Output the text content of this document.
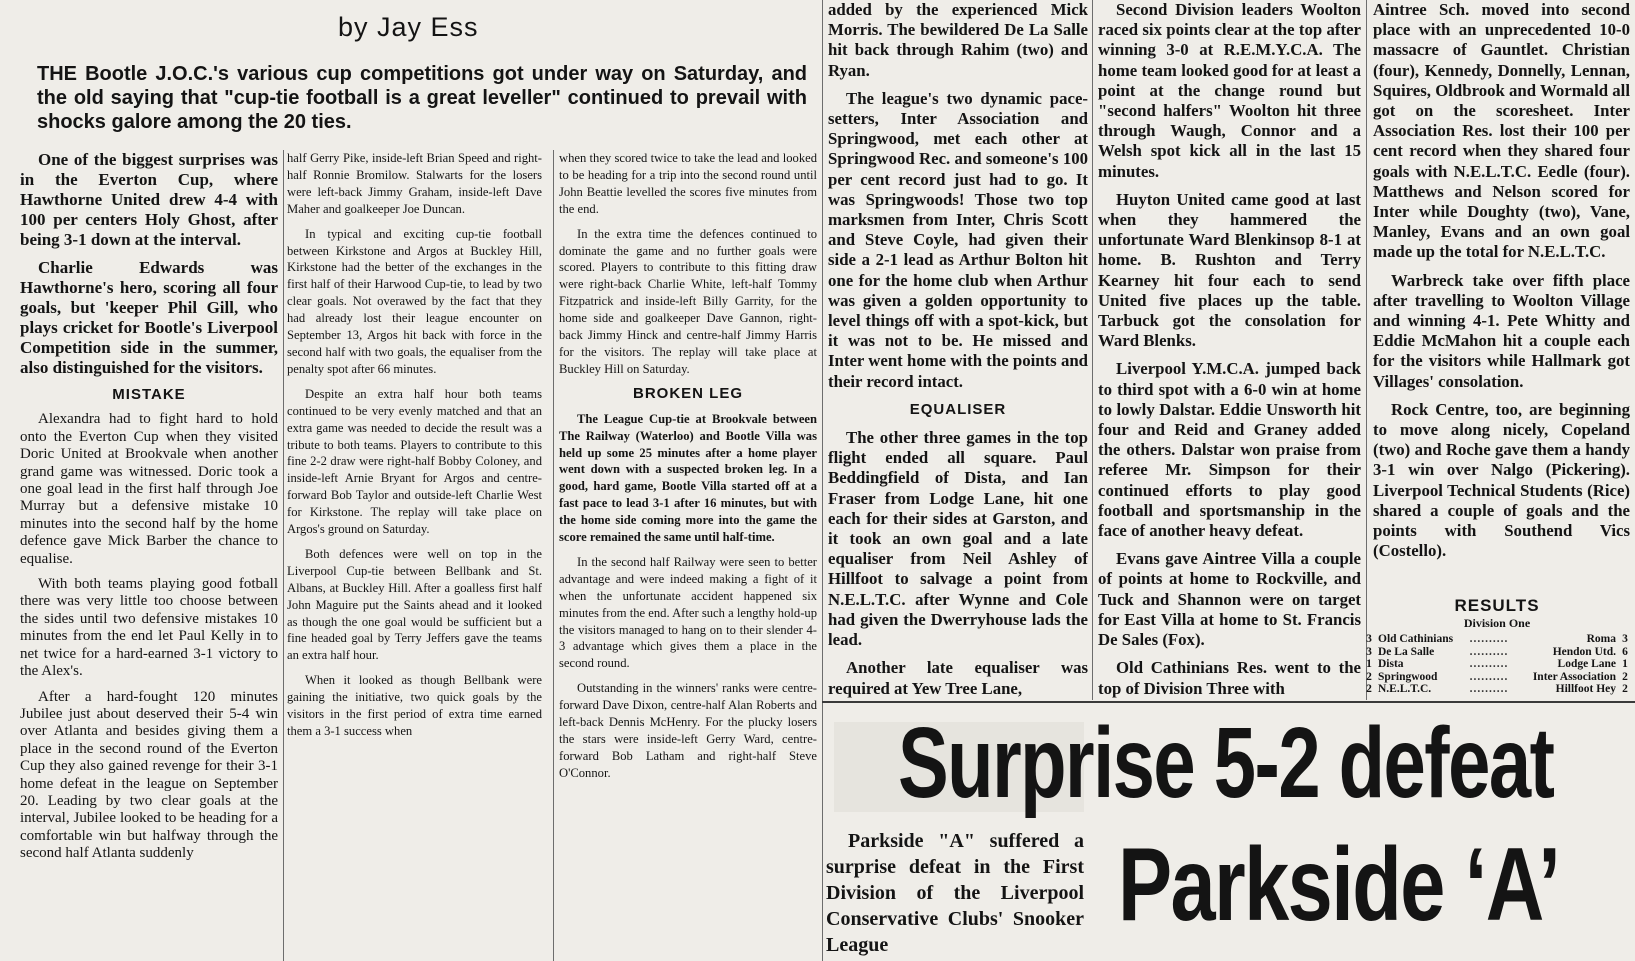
by Jay Ess

THE Bootle J.O.C.'s various cup competitions got under way on Saturday, and the old saying that "cup-tie football is a great leveller" continued to prevail with shocks galore among the 20 ties.

One of the biggest surprises was in the Everton Cup, where Hawthorne United drew 4-4 with 100 per centers Holy Ghost, after being 3-1 down at the interval.

Charlie Edwards was Hawthorne's hero, scoring all four goals, but 'keeper Phil Gill, who plays cricket for Bootle's Liverpool Competition side in the summer, also distinguished for the visitors.

MISTAKE

Alexandra had to fight hard to hold onto the Everton Cup when they visited Doric United at Brookvale when another grand game was witnessed. Doric took a one goal lead in the first half through Joe Murray but a defensive mistake 10 minutes into the second half by the home defence gave Mick Barber the chance to equalise.

With both teams playing good fotball there was very little too choose between the sides until two defensive mistakes 10 minutes from the end let Paul Kelly in to net twice for a hard-earned 3-1 victory to the Alex's.

After a hard-fought 120 minutes Jubilee just about deserved their 5-4 win over Atlanta and besides giving them a place in the second round of the Everton Cup they also gained revenge for their 3-1 home defeat in the league on September 20. Leading by two clear goals at the interval, Jubilee looked to be heading for a comfortable win but halfway through the second half Atlanta suddenly

half Gerry Pike, inside-left Brian Speed and right-half Ronnie Bromilow. Stalwarts for the losers were left-back Jimmy Graham, inside-left Dave Maher and goalkeeper Joe Duncan.

In typical and exciting cup-tie football between Kirkstone and Argos at Buckley Hill, Kirkstone had the better of the exchanges in the first half of their Harwood Cup-tie, to lead by two clear goals. Not overawed by the fact that they had already lost their league encounter on September 13, Argos hit back with force in the second half with two goals, the equaliser from the penalty spot after 66 minutes.

Despite an extra half hour both teams continued to be very evenly matched and that an extra game was needed to decide the result was a tribute to both teams. Players to contribute to this fine 2-2 draw were right-half Bobby Coloney, and inside-left Arnie Bryant for Argos and centre-forward Bob Taylor and outside-left Charlie West for Kirkstone. The replay will take place on Argos's ground on Saturday.

Both defences were well on top in the Liverpool Cup-tie between Bellbank and St. Albans, at Buckley Hill. After a goalless first half John Maguire put the Saints ahead and it looked as though the one goal would be sufficient but a fine headed goal by Terry Jeffers gave the teams an extra half hour.

When it looked as though Bellbank were gaining the initiative, two quick goals by the visitors in the first period of extra time earned them a 3-1 success when

when they scored twice to take the lead and looked to be heading for a trip into the second round until John Beattie levelled the scores five minutes from the end.

In the extra time the defences continued to dominate the game and no further goals were scored. Players to contribute to this fitting draw were right-back Charlie White, left-half Tommy Fitzpatrick and inside-left Billy Garrity, for the home side and goalkeeper Dave Gannon, right-back Jimmy Hinck and centre-half Jimmy Harris for the visitors. The replay will take place at Buckley Hill on Saturday.

BROKEN LEG

The League Cup-tie at Brookvale between The Railway (Waterloo) and Bootle Villa was held up some 25 minutes after a home player went down with a suspected broken leg. In a good, hard game, Bootle Villa started off at a fast pace to lead 3-1 after 16 minutes, but with the home side coming more into the game the score remained the same until half-time.

In the second half Railway were seen to better advantage and were indeed making a fight of it when the unfortunate accident happened six minutes from the end. After such a lengthy hold-up the visitors managed to hang on to their slender 4-3 advantage which gives them a place in the second round.

Outstanding in the winners' ranks were centre-forward Dave Dixon, centre-half Alan Roberts and left-back Dennis McHenry. For the plucky losers the stars were inside-left Gerry Ward, centre-forward Bob Latham and right-half Steve O'Connor.

added by the experienced Mick Morris. The bewildered De La Salle hit back through Rahim (two) and Ryan.

The league's two dynamic pace-setters, Inter Association and Springwood, met each other at Springwood Rec. and someone's 100 per cent record just had to go. It was Springwoods! Those two top marksmen from Inter, Chris Scott and Steve Coyle, had given their side a 2-1 lead as Arthur Bolton hit one for the home club when Arthur was given a golden opportunity to level things off with a spot-kick, but it was not to be. He missed and Inter went home with the points and their record intact.

EQUALISER

The other three games in the top flight ended all square. Paul Beddingfield of Dista, and Ian Fraser from Lodge Lane, hit one each for their sides at Garston, and it took an own goal and a late equaliser from Neil Ashley of Hillfoot to salvage a point from N.E.L.T.C. after Wynne and Cole had given the Dwerryhouse lads the lead.

Another late equaliser was required at Yew Tree Lane,

Second Division leaders Woolton raced six points clear at the top after winning 3-0 at R.E.M.Y.C.A. The home team looked good for at least a point at the change round but "second halfers" Woolton hit three through Waugh, Connor and a Welsh spot kick all in the last 15 minutes.

Huyton United came good at last when they hammered the unfortunate Ward Blenkinsop 8-1 at home. B. Rushton and Terry Kearney hit four each to send United five places up the table. Tarbuck got the consolation for Ward Blenks.

Liverpool Y.M.C.A. jumped back to third spot with a 6-0 win at home to lowly Dalstar. Eddie Unsworth hit four and Reid and Graney added the others. Dalstar won praise from referee Mr. Simpson for their continued efforts to play good football and sportsmanship in the face of another heavy defeat.

Evans gave Aintree Villa a couple of points at home to Rockville, and Tuck and Shannon were on target for East Villa at home to St. Francis De Sales (Fox).

Old Cathinians Res. went to the top of Division Three with

Aintree Sch. moved into second place with an unprecedented 10-0 massacre of Gauntlet. Christian (four), Kennedy, Donnelly, Lennan, Squires, Oldbrook and Wormald all got on the scoresheet. Inter Association Res. lost their 100 per cent record when they shared four goals with N.E.L.T.C. Eedle (four). Matthews and Nelson scored for Inter while Doughty (two), Vane, Manley, Evans and an own goal made up the total for N.E.L.T.C.

Warbreck take over fifth place after travelling to Woolton Village and winning 4-1. Pete Whitty and Eddie McMahon hit a couple each for the visitors while Hallmark got Villages' consolation.

Rock Centre, too, are beginning to move along nicely, Copeland (two) and Roche gave them a handy 3-1 win over Nalgo (Pickering). Liverpool Technical Students (Rice) shared a couple of goals and the points with Southend Vics (Costello).

RESULTS
Division One
3	Old Cathinians	..........	Roma	3
3	De La Salle	..........	Hendon Utd.	6
1	Dista	..........	Lodge Lane	1
2	Springwood	..........	Inter Association	2
2	N.E.L.T.C.	..........	Hillfoot Hey	2
Surprise 5-2 defeat
Parkside ‘A’

Parkside "A" suffered a surprise defeat in the First Division of the Liverpool Conservative Clubs' Snooker League
